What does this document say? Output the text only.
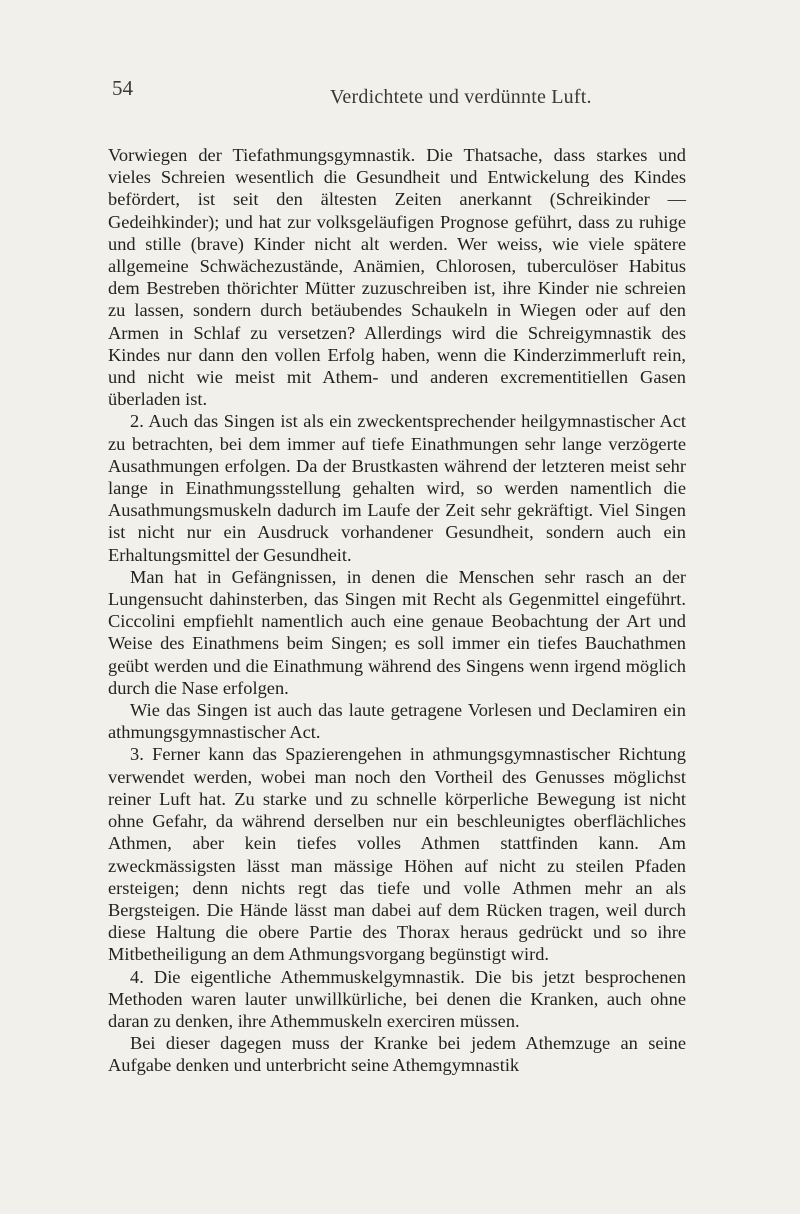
54	Verdichtete und verdünnte Luft.

Vorwiegen der Tiefathmungsgymnastik. Die Thatsache, dass starkes und vieles Schreien wesentlich die Gesundheit und Entwickelung des Kindes befördert, ist seit den ältesten Zeiten anerkannt (Schreikinder — Gedeihkinder); und hat zur volksgeläufigen Prognose geführt, dass zu ruhige und stille (brave) Kinder nicht alt werden. Wer weiss, wie viele spätere allgemeine Schwächezustände, Anämien, Chlorosen, tuberculöser Habitus dem Bestreben thörichter Mütter zuzuschreiben ist, ihre Kinder nie schreien zu lassen, sondern durch betäubendes Schaukeln in Wiegen oder auf den Armen in Schlaf zu versetzen? Allerdings wird die Schreigymnastik des Kindes nur dann den vollen Erfolg haben, wenn die Kinderzimmerluft rein, und nicht wie meist mit Athem- und anderen excrementitiellen Gasen überladen ist.

2. Auch das Singen ist als ein zweckentsprechender heilgymnastischer Act zu betrachten, bei dem immer auf tiefe Einathmungen sehr lange verzögerte Ausathmungen erfolgen. Da der Brustkasten während der letzteren meist sehr lange in Einathmungsstellung gehalten wird, so werden namentlich die Ausathmungsmuskeln dadurch im Laufe der Zeit sehr gekräftigt. Viel Singen ist nicht nur ein Ausdruck vorhandener Gesundheit, sondern auch ein Erhaltungsmittel der Gesundheit.

Man hat in Gefängnissen, in denen die Menschen sehr rasch an der Lungensucht dahinsterben, das Singen mit Recht als Gegenmittel eingeführt. Ciccolini empfiehlt namentlich auch eine genaue Beobachtung der Art und Weise des Einathmens beim Singen; es soll immer ein tiefes Bauchathmen geübt werden und die Einathmung während des Singens wenn irgend möglich durch die Nase erfolgen.

Wie das Singen ist auch das laute getragene Vorlesen und Declamiren ein athmungsgymnastischer Act.

3. Ferner kann das Spazierengehen in athmungsgymnastischer Richtung verwendet werden, wobei man noch den Vortheil des Genusses möglichst reiner Luft hat. Zu starke und zu schnelle körperliche Bewegung ist nicht ohne Gefahr, da während derselben nur ein beschleunigtes oberflächliches Athmen, aber kein tiefes volles Athmen stattfinden kann. Am zweckmässigsten lässt man mässige Höhen auf nicht zu steilen Pfaden ersteigen; denn nichts regt das tiefe und volle Athmen mehr an als Bergsteigen. Die Hände lässt man dabei auf dem Rücken tragen, weil durch diese Haltung die obere Partie des Thorax heraus gedrückt und so ihre Mitbetheiligung an dem Athmungsvorgang begünstigt wird.

4. Die eigentliche Athemmuskelgymnastik. Die bis jetzt besprochenen Methoden waren lauter unwillkürliche, bei denen die Kranken, auch ohne daran zu denken, ihre Athemmuskeln exerciren müssen.

Bei dieser dagegen muss der Kranke bei jedem Athemzuge an seine Aufgabe denken und unterbricht seine Athemgymnastik
